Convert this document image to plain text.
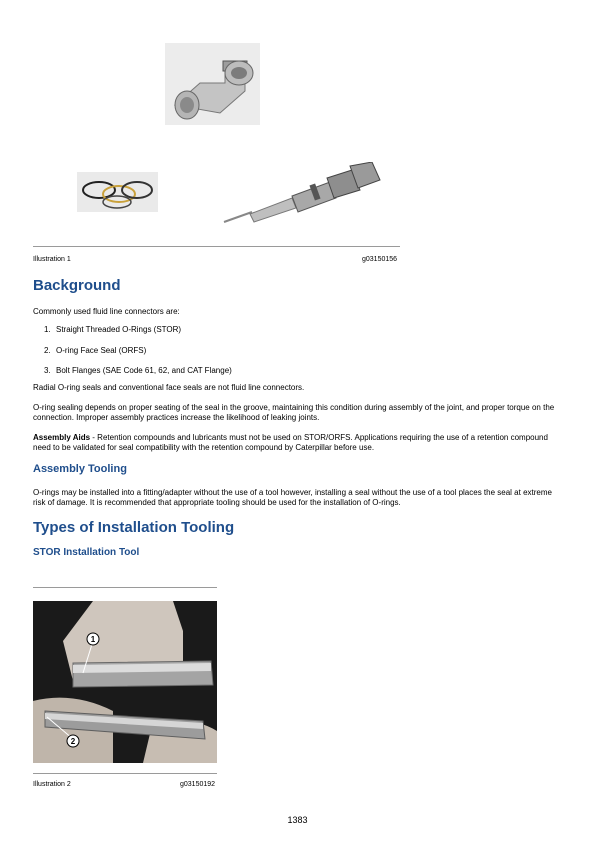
Illustration 1	g03150156
Background
Commonly used fluid line connectors are:
1. Straight Threaded O-Rings (STOR)
2. O-ring Face Seal (ORFS)
3. Bolt Flanges (SAE Code 61, 62, and CAT Flange)
Radial O-ring seals and conventional face seals are not fluid line connectors.
O-ring sealing depends on proper seating of the seal in the groove, maintaining this condition during assembly of the joint, and proper torque on the connection. Improper assembly practices increase the likelihood of leaking joints.
Assembly Aids - Retention compounds and lubricants must not be used on STOR/ORFS. Applications requiring the use of a retention compound need to be validated for seal compatibility with the retention compound by Caterpillar before use.
Assembly Tooling
O-rings may be installed into a fitting/adapter without the use of a tool however, installing a seal without the use of a tool places the seal at extreme risk of damage. It is recommended that appropriate tooling should be used for the installation of O-rings.
Types of Installation Tooling
STOR Installation Tool
1
2
Illustration 2	g03150192
1383
